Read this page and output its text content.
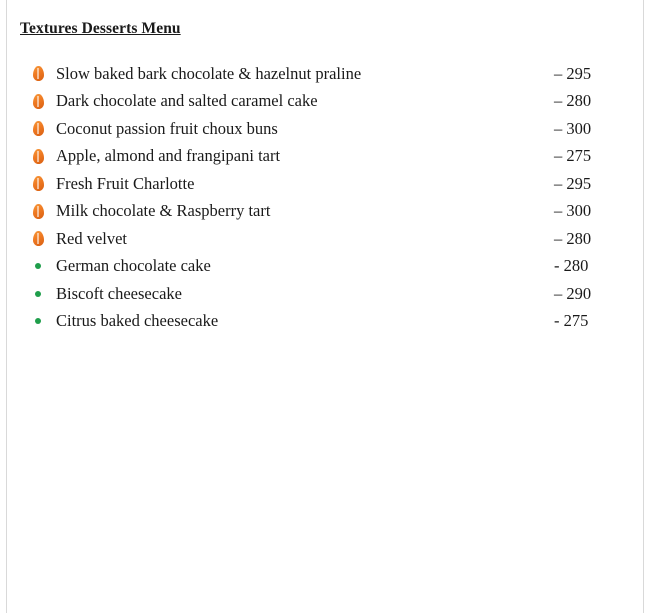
Textures Desserts Menu
Slow baked bark chocolate & hazelnut praline	– 295
Dark chocolate and salted caramel cake	– 280
Coconut passion fruit choux buns	– 300
Apple, almond and frangipani tart	– 275
Fresh Fruit Charlotte	– 295
Milk chocolate & Raspberry tart	– 300
Red velvet	– 280
German chocolate cake	- 280
Biscoft cheesecake	– 290
Citrus baked cheesecake	- 275
